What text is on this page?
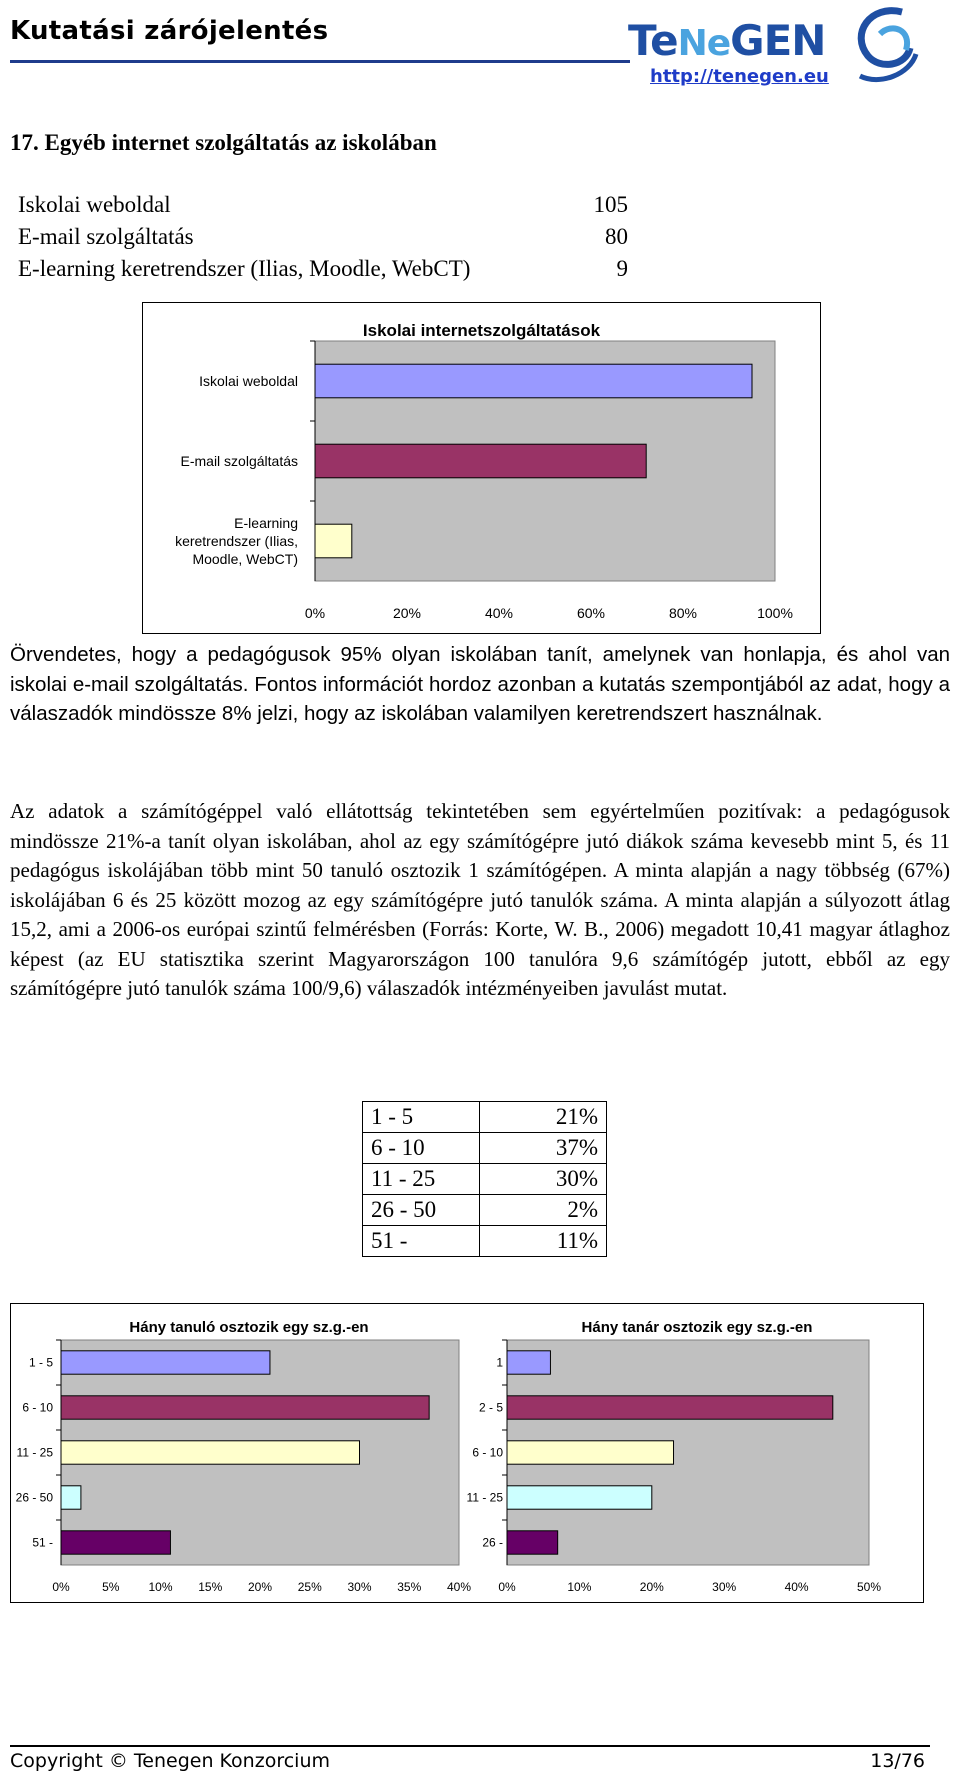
Kutatási zárójelentés	TeNeGEN
http://tenegen.eu
17. Egyéb internet szolgáltatás az iskolában
Iskolai weboldal	105
E-mail szolgáltatás	80
E-learning keretrendszer (Ilias, Moodle, WebCT)	9
Iskolai internetszolgáltatások
Iskolai weboldal
E-mail szolgáltatás
E-learning keretrendszer (Ilias, Moodle, WebCT)
0%	20%	40%	60%	80%	100%
Örvendetes, hogy a pedagógusok 95% olyan iskolában tanít, amelynek van honlapja, és ahol van iskolai e-mail szolgáltatás. Fontos információt hordoz azonban a kutatás szempontjából az adat, hogy a válaszadók mindössze 8% jelzi, hogy az iskolában valamilyen keretrendszert használnak.
Az adatok a számítógéppel való ellátottság tekintetében sem egyértelműen pozitívak: a pedagógusok mindössze 21%-a tanít olyan iskolában, ahol az egy számítógépre jutó diákok száma kevesebb mint 5, és 11 pedagógus iskolájában több mint 50 tanuló osztozik 1 számítógépen. A minta alapján a nagy többség (67%) iskolájában 6 és 25 között mozog az egy számítógépre jutó tanulók száma. A minta alapján a súlyozott átlag 15,2, ami a 2006-os európai szintű felmérésben (Forrás: Korte, W. B., 2006) megadott 10,41 magyar átlaghoz képest (az EU statisztika szerint Magyarországon 100 tanulóra 9,6 számítógép jutott, ebből az egy számítógépre jutó tanulók száma 100/9,6) válaszadók intézményeiben javulást mutat.
1 - 5	21%
6 - 10	37%
11 - 25	30%
26 - 50	2%
51 -	11%
Hány tanuló osztozik egy sz.g.-en
1 - 5
6 - 10
11 - 25
26 - 50
51 -
0%	5% 10% 15% 20% 25% 30% 35% 40%
Hány tanár osztozik egy sz.g.-en
1
2 - 5
6 - 10
11 - 25
26 -
0%	10%	20%	30%	40%	50%
Copyright © Tenegen Konzorcium	13/76
